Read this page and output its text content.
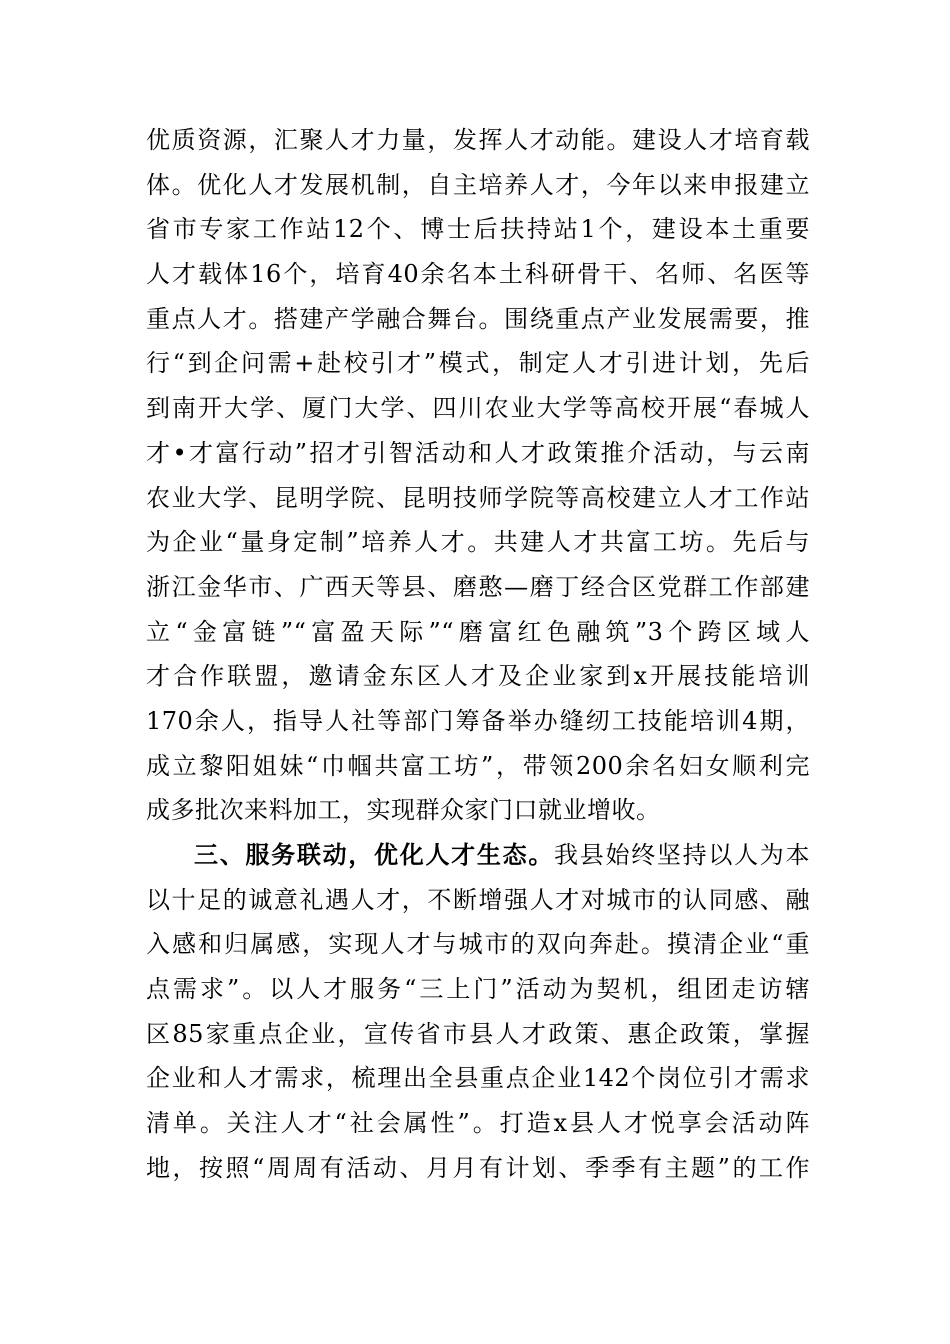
优质资源，汇聚人才力量，发挥人才动能。建设人才培育载
体。优化人才发展机制，自主培养人才，今年以来申报建立
省市专家工作站12个、博士后扶持站1个，建设本土重要
人才载体16个，培育40余名本土科研骨干、名师、名医等
重点人才。搭建产学融合舞台。围绕重点产业发展需要，推
行“到企问需+赴校引才”模式，制定人才引进计划，先后
到南开大学、厦门大学、四川农业大学等高校开展“春城人
才•才富行动”招才引智活动和人才政策推介活动，与云南
农业大学、昆明学院、昆明技师学院等高校建立人才工作站
为企业“量身定制”培养人才。共建人才共富工坊。先后与
浙江金华市、广西天等县、磨憨—磨丁经合区党群工作部建
立“金富链”“富盈天际”“磨富红色融筑”3个跨区域人
才合作联盟，邀请金东区人才及企业家到x开展技能培训
170余人，指导人社等部门筹备举办缝纫工技能培训4期，
成立黎阳姐妹“巾帼共富工坊”，带领200余名妇女顺利完
成多批次来料加工，实现群众家门口就业增收。
三、服务联动，优化人才生态。我县始终坚持以人为本
以十足的诚意礼遇人才，不断增强人才对城市的认同感、融
入感和归属感，实现人才与城市的双向奔赴。摸清企业“重
点需求”。以人才服务“三上门”活动为契机，组团走访辖
区85家重点企业，宣传省市县人才政策、惠企政策，掌握
企业和人才需求，梳理出全县重点企业142个岗位引才需求
清单。关注人才“社会属性”。打造x县人才悦享会活动阵
地，按照“周周有活动、月月有计划、季季有主题”的工作
